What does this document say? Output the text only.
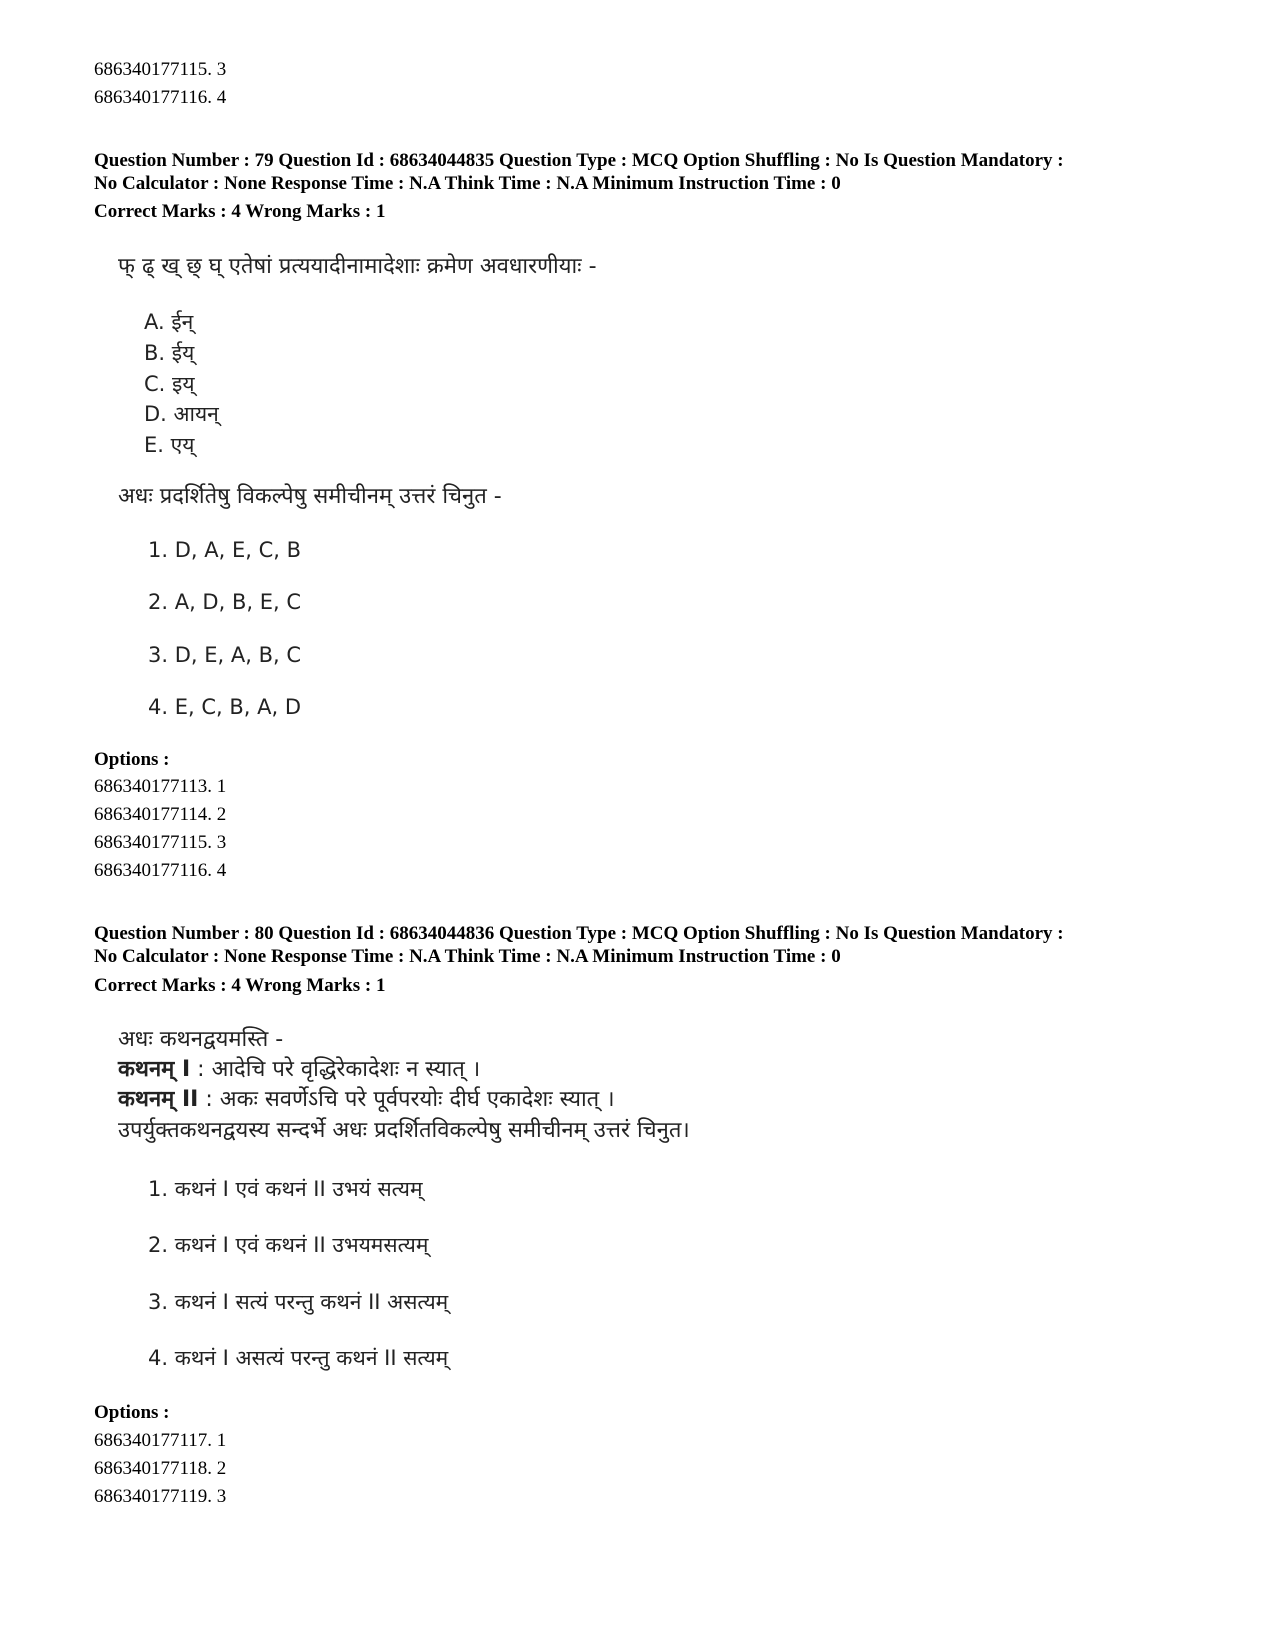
686340177115. 3
686340177116. 4
Question Number : 79 Question Id : 68634044835 Question Type : MCQ Option Shuffling : No Is Question Mandatory :
No Calculator : None Response Time : N.A Think Time : N.A Minimum Instruction Time : 0
Correct Marks : 4 Wrong Marks : 1
फ् ढ् ख् छ् घ् एतेषां प्रत्ययादीनामादेशाः क्रमेण अवधारणीयाः -
A. ईन्
B. ईय्
C. इय्
D. आयन्
E. एय्
अधः प्रदर्शितेषु विकल्पेषु समीचीनम् उत्तरं चिनुत -
1. D, A, E, C, B
2. A, D, B, E, C
3. D, E, A, B, C
4. E, C, B, A, D
Options :
686340177113. 1
686340177114. 2
686340177115. 3
686340177116. 4
Question Number : 80 Question Id : 68634044836 Question Type : MCQ Option Shuffling : No Is Question Mandatory :
No Calculator : None Response Time : N.A Think Time : N.A Minimum Instruction Time : 0
Correct Marks : 4 Wrong Marks : 1
अधः कथनद्वयमस्ति -
कथनम् I : आदेचि परे वृद्धिरेकादेशः न स्यात् ।
कथनम् II : अकः सवर्णेऽचि परे पूर्वपरयोः दीर्घ एकादेशः स्यात् ।
उपर्युक्तकथनद्वयस्य सन्दर्भे अधः प्रदर्शितविकल्पेषु समीचीनम् उत्तरं चिनुत।
1. कथनं I एवं कथनं II उभयं सत्यम्
2. कथनं I एवं कथनं II उभयमसत्यम्
3. कथनं I सत्यं परन्तु कथनं II असत्यम्
4. कथनं I असत्यं परन्तु कथनं II सत्यम्
Options :
686340177117. 1
686340177118. 2
686340177119. 3
